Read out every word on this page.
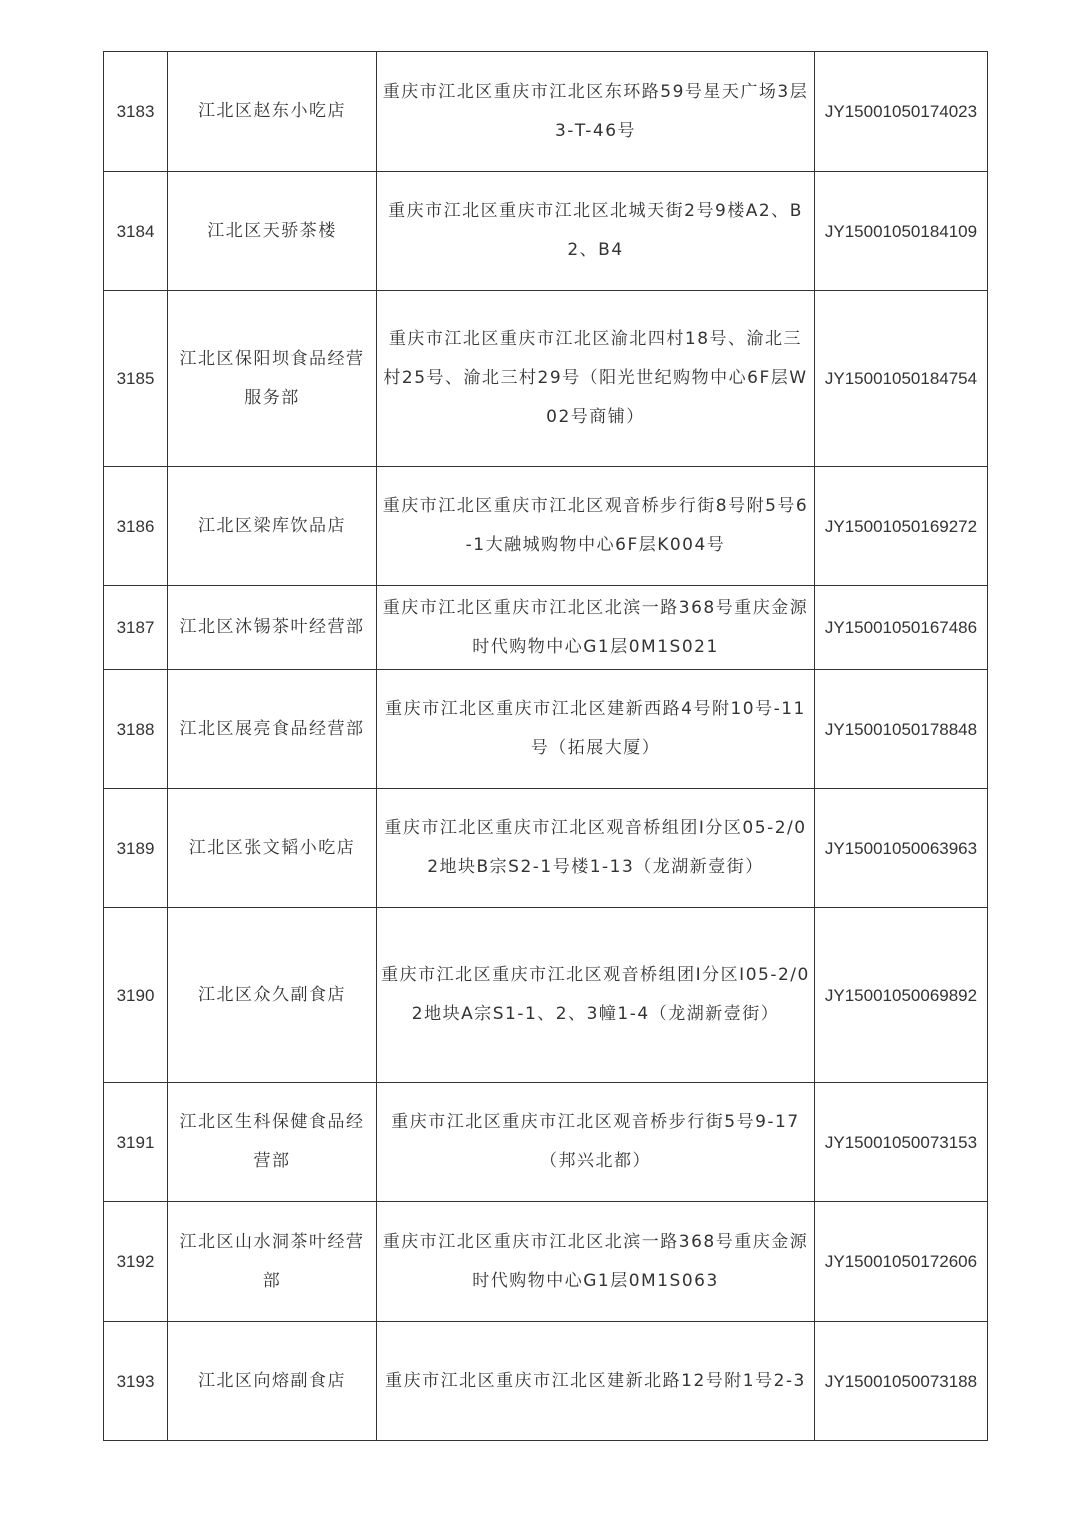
3183	江北区赵东小吃店	重庆市江北区重庆市江北区东环路59号星天广场3层3-T-46号	JY15001050174023
3184	江北区天骄茶楼	重庆市江北区重庆市江北区北城天街2号9楼A2、B2、B4	JY15001050184109
3185	江北区保阳坝食品经营服务部	重庆市江北区重庆市江北区渝北四村18号、渝北三村25号、渝北三村29号（阳光世纪购物中心6F层W02号商铺）	JY15001050184754
3186	江北区梁库饮品店	重庆市江北区重庆市江北区观音桥步行街8号附5号6-1大融城购物中心6F层K004号	JY15001050169272
3187	江北区沐锡茶叶经营部	重庆市江北区重庆市江北区北滨一路368号重庆金源时代购物中心G1层0M1S021	JY15001050167486
3188	江北区展亮食品经营部	重庆市江北区重庆市江北区建新西路4号附10号-11号（拓展大厦）	JY15001050178848
3189	江北区张文韬小吃店	重庆市江北区重庆市江北区观音桥组团I分区05-2/02地块B宗S2-1号楼1-13（龙湖新壹街）	JY15001050063963
3190	江北区众久副食店	重庆市江北区重庆市江北区观音桥组团I分区I05-2/02地块A宗S1-1、2、3幢1-4（龙湖新壹街）	JY15001050069892
3191	江北区生科保健食品经营部	重庆市江北区重庆市江北区观音桥步行街5号9-17（邦兴北都）	JY15001050073153
3192	江北区山水洞茶叶经营部	重庆市江北区重庆市江北区北滨一路368号重庆金源时代购物中心G1层0M1S063	JY15001050172606
3193	江北区向熔副食店	重庆市江北区重庆市江北区建新北路12号附1号2-3	JY15001050073188
